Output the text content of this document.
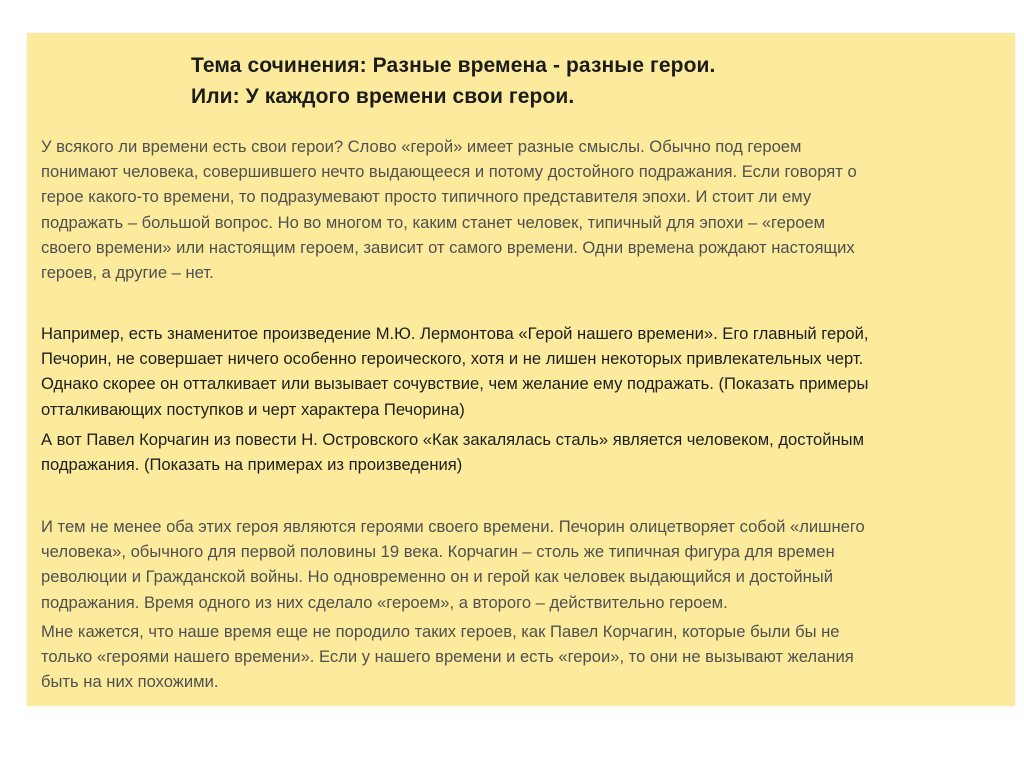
Тема сочинения: Разные времена - разные герои.
Или: У каждого времени свои герои.
У всякого ли времени есть свои герои? Слово «герой» имеет разные смыслы. Обычно под героем
понимают человека, совершившего нечто выдающееся и потому достойного подражания. Если говорят о
герое какого-то времени, то подразумевают просто типичного представителя эпохи. И стоит ли ему
подражать – большой вопрос. Но во многом то, каким станет человек, типичный для эпохи – «героем
своего времени» или настоящим героем, зависит от самого времени. Одни времена рождают настоящих
героев, а другие – нет.
Например, есть знаменитое произведение М.Ю. Лермонтова «Герой нашего времени». Его главный герой,
Печорин, не совершает ничего особенно героического, хотя и не лишен некоторых привлекательных черт.
Однако скорее он отталкивает или вызывает сочувствие, чем желание ему подражать. (Показать примеры
отталкивающих поступков и черт характера Печорина)
А вот Павел Корчагин из повести Н. Островского «Как закалялась сталь» является человеком, достойным
подражания. (Показать на примерах из произведения)
И тем не менее оба этих героя являются героями своего времени. Печорин олицетворяет собой «лишнего
человека», обычного для первой половины 19 века. Корчагин – столь же типичная фигура для времен
революции и Гражданской войны. Но одновременно он и герой как человек выдающийся и достойный
подражания. Время одного из них сделало «героем», а второго – действительно героем.
Мне кажется, что наше время еще не породило таких героев, как Павел Корчагин, которые были бы не
только «героями нашего времени». Если у нашего времени и есть «герои», то они не вызывают желания
быть на них похожими.
